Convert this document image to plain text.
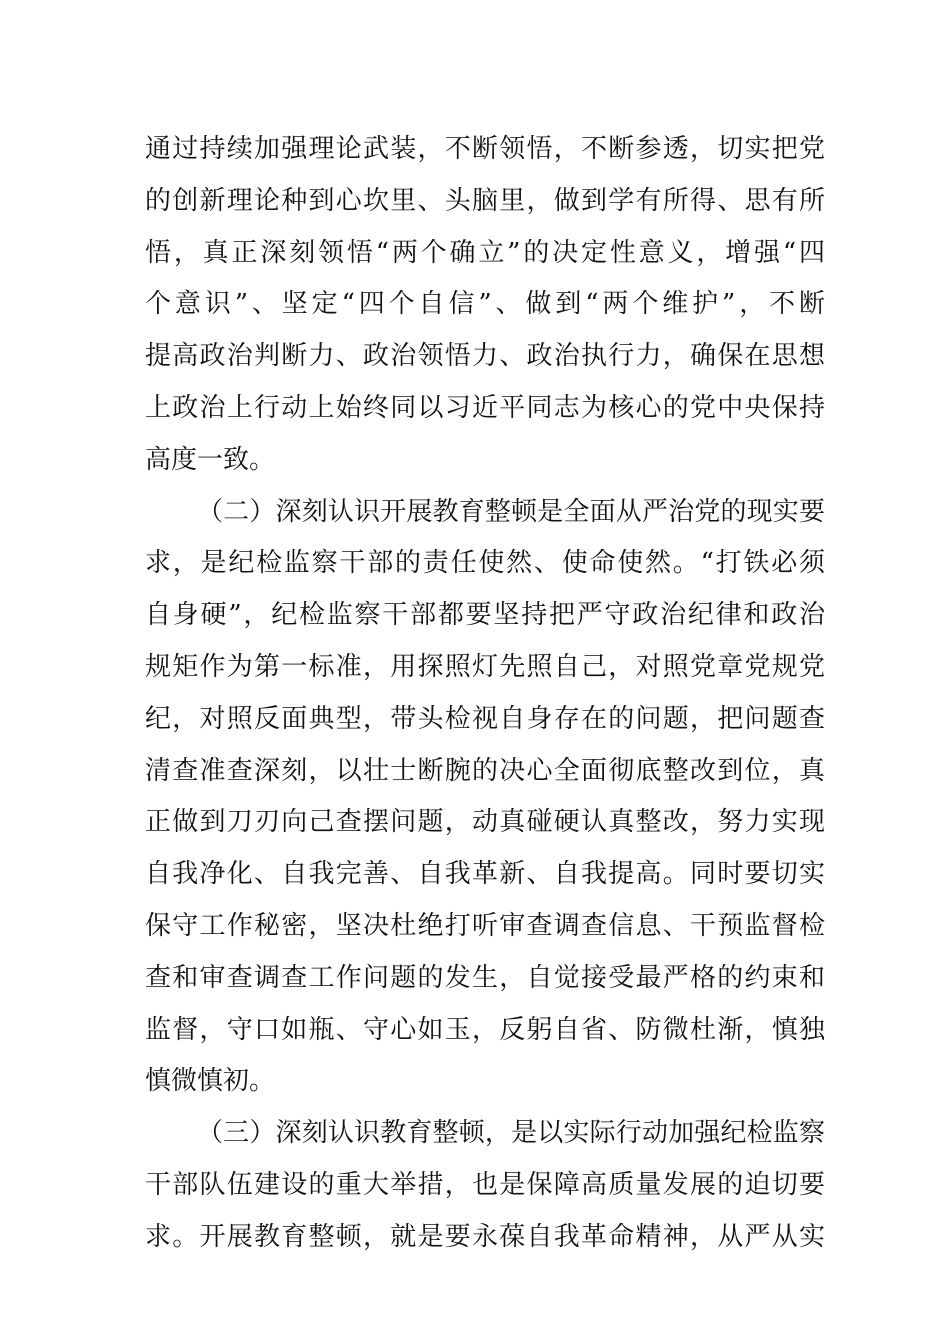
通过持续加强理论武装，不断领悟，不断参透，切实把党
的创新理论种到心坎里、头脑里，做到学有所得、思有所
悟，真正深刻领悟“两个确立”的决定性意义，增强“四
个意识”、坚定“四个自信”、做到“两个维护”，不断
提高政治判断力、政治领悟力、政治执行力，确保在思想
上政治上行动上始终同以习近平同志为核心的党中央保持
高度一致。
（二）深刻认识开展教育整顿是全面从严治党的现实要
求，是纪检监察干部的责任使然、使命使然。“打铁必须
自身硬”，纪检监察干部都要坚持把严守政治纪律和政治
规矩作为第一标准，用探照灯先照自己，对照党章党规党
纪，对照反面典型，带头检视自身存在的问题，把问题查
清查准查深刻，以壮士断腕的决心全面彻底整改到位，真
正做到刀刃向己查摆问题，动真碰硬认真整改，努力实现
自我净化、自我完善、自我革新、自我提高。同时要切实
保守工作秘密，坚决杜绝打听审查调查信息、干预监督检
查和审查调查工作问题的发生，自觉接受最严格的约束和
监督，守口如瓶、守心如玉，反躬自省、防微杜渐，慎独
慎微慎初。
（三）深刻认识教育整顿，是以实际行动加强纪检监察
干部队伍建设的重大举措，也是保障高质量发展的迫切要
求。开展教育整顿，就是要永葆自我革命精神，从严从实
